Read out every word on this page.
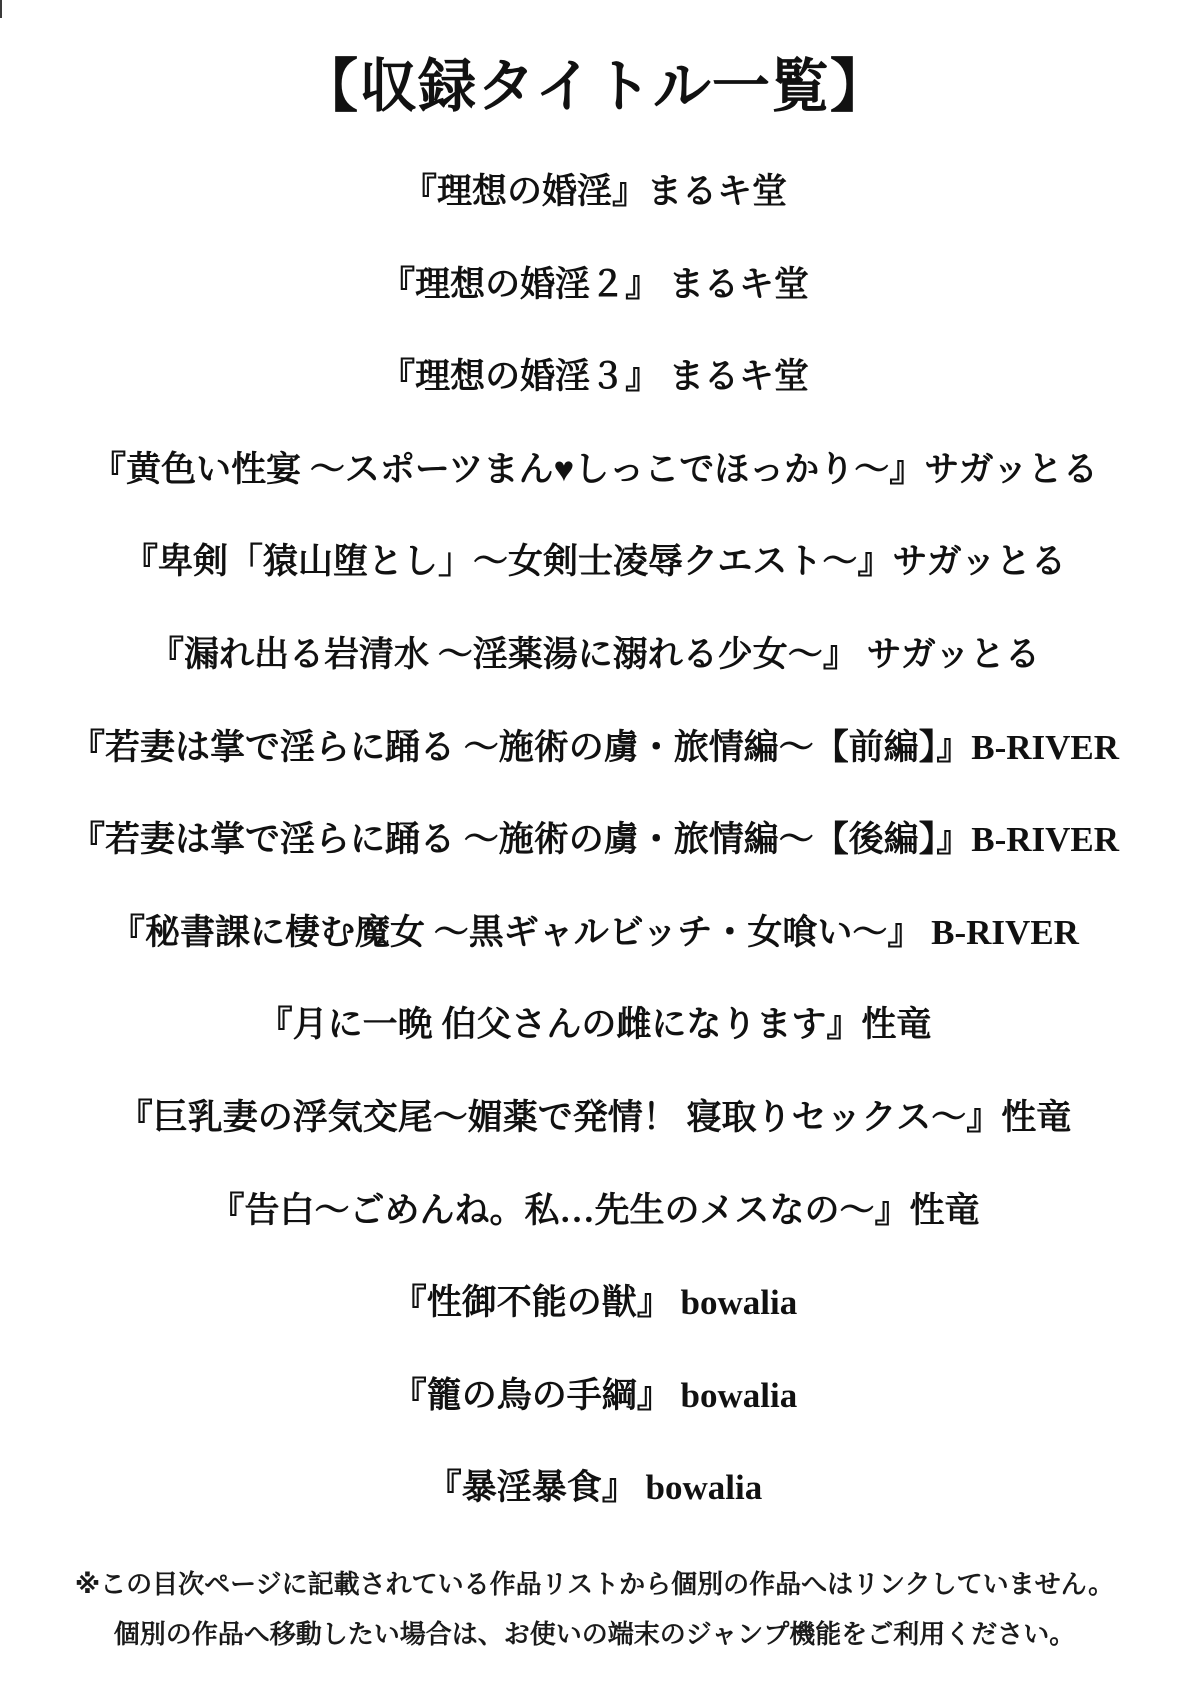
【収録タイトル一覧】
『理想の婚淫』まるキ堂
『理想の婚淫２』 まるキ堂
『理想の婚淫３』 まるキ堂
『黄色い性宴 ～スポーツまん♥しっこでほっかり～』サガッとる
『卑剣「猿山堕とし」～女剣士凌辱クエスト～』サガッとる
『漏れ出る岩清水 ～淫薬湯に溺れる少女～』 サガッとる
『若妻は掌で淫らに踊る ～施術の虜・旅情編～【前編】』B-RIVER
『若妻は掌で淫らに踊る ～施術の虜・旅情編～【後編】』B-RIVER
『秘書課に棲む魔女 ～黒ギャルビッチ・女喰い～』 B-RIVER
『月に一晩 伯父さんの雌になります』性竜
『巨乳妻の浮気交尾～媚薬で発情！ 寝取りセックス～』性竜
『告白～ごめんね。私…先生のメスなの～』性竜
『性御不能の獣』 bowalia
『籠の鳥の手綱』 bowalia
『暴淫暴食』 bowalia
※この目次ページに記載されている作品リストから個別の作品へはリンクしていません。
個別の作品へ移動したい場合は、お使いの端末のジャンプ機能をご利用ください。
